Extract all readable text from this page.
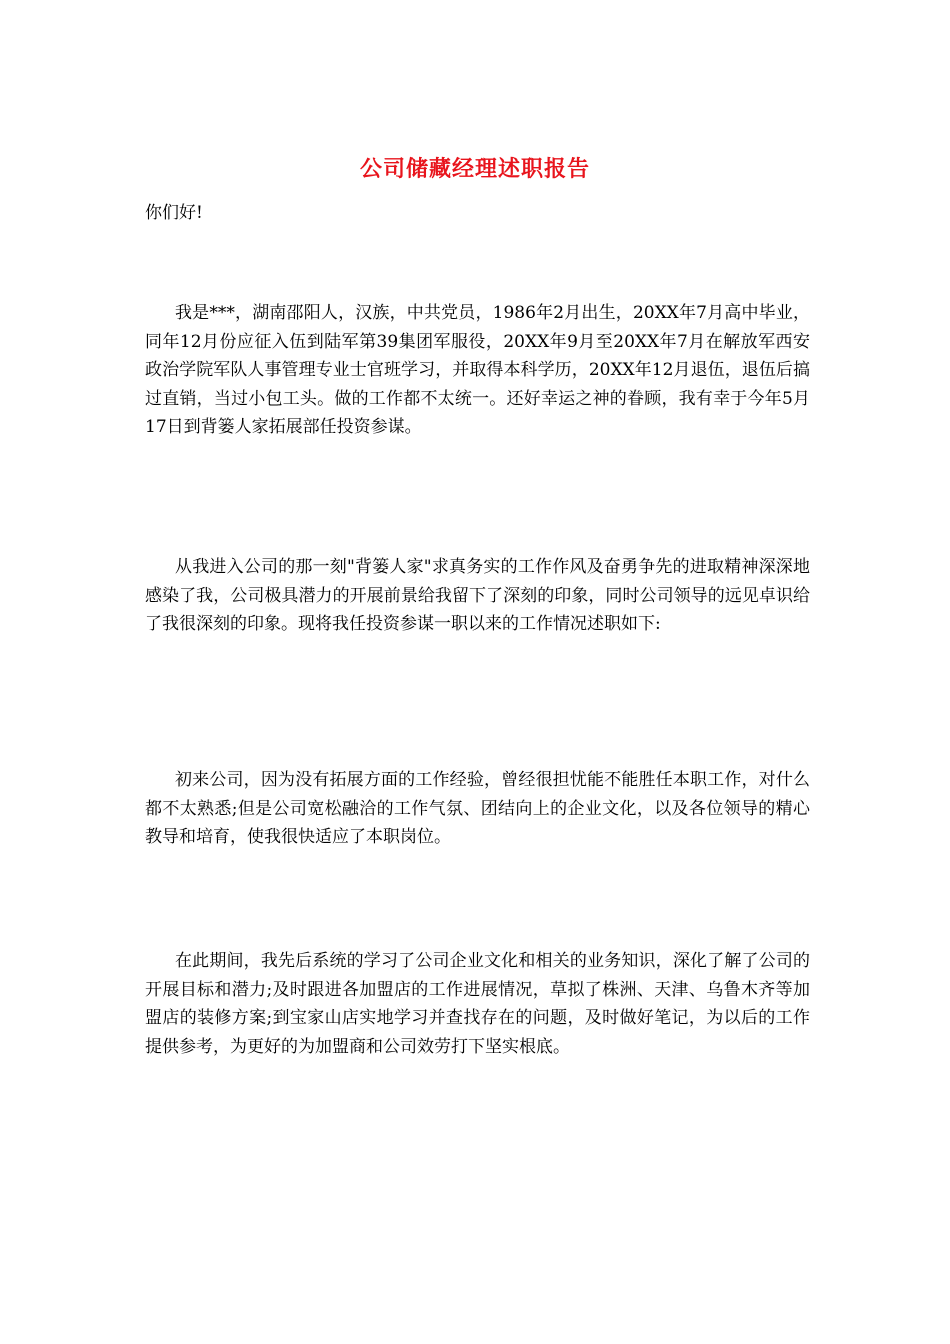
公司储藏经理述职报告
你们好!
我是***，湖南邵阳人，汉族，中共党员，1986年2月出生，20XX年7月高中毕业，同年12月份应征入伍到陆军第39集团军服役，20XX年9月至20XX年7月在解放军西安政治学院军队人事管理专业士官班学习，并取得本科学历，20XX年12月退伍，退伍后搞过直销，当过小包工头。做的工作都不太统一。还好幸运之神的眷顾，我有幸于今年5月17日到背篓人家拓展部任投资参谋。
从我进入公司的那一刻"背篓人家"求真务实的工作作风及奋勇争先的进取精神深深地感染了我，公司极具潜力的开展前景给我留下了深刻的印象，同时公司领导的远见卓识给了我很深刻的印象。现将我任投资参谋一职以来的工作情况述职如下:
初来公司，因为没有拓展方面的工作经验，曾经很担忧能不能胜任本职工作，对什么都不太熟悉;但是公司宽松融洽的工作气氛、团结向上的企业文化，以及各位领导的精心教导和培育，使我很快适应了本职岗位。
在此期间，我先后系统的学习了公司企业文化和相关的业务知识，深化了解了公司的开展目标和潜力;及时跟进各加盟店的工作进展情况，草拟了株洲、天津、乌鲁木齐等加盟店的装修方案;到宝家山店实地学习并查找存在的问题，及时做好笔记，为以后的工作提供参考，为更好的为加盟商和公司效劳打下坚实根底。
